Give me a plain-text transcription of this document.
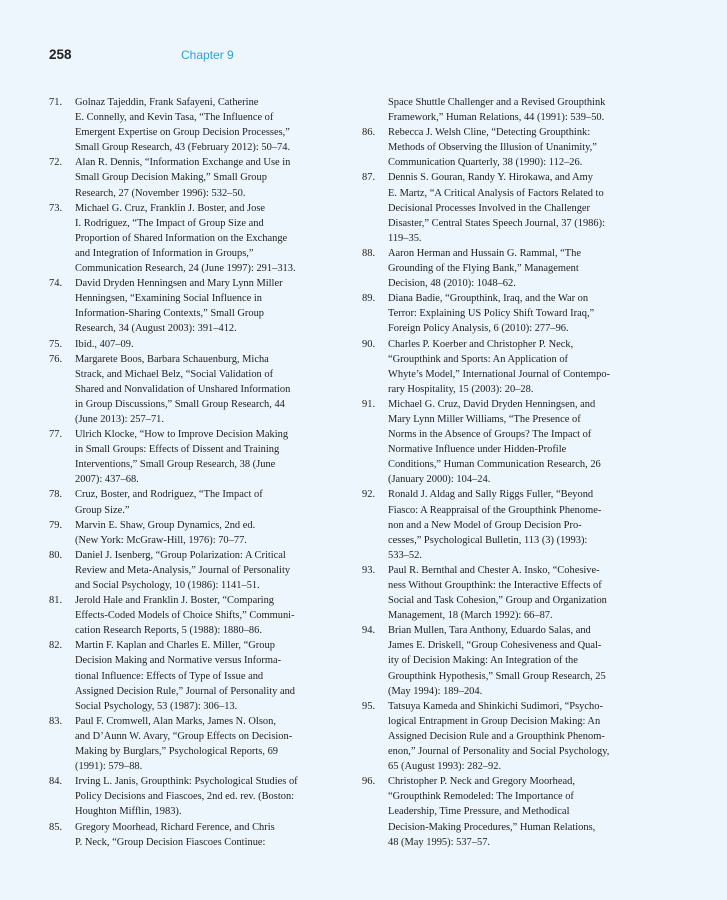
258	Chapter 9
71. Golnaz Tajeddin, Frank Safayeni, Catherine
E. Connelly, and Kevin Tasa, “The Influence of
Emergent Expertise on Group Decision Processes,”
Small Group Research, 43 (February 2012): 50–74.
72. Alan R. Dennis, “Information Exchange and Use in
Small Group Decision Making,” Small Group
Research, 27 (November 1996): 532–50.
73. Michael G. Cruz, Franklin J. Boster, and Jose
I. Rodriguez, “The Impact of Group Size and
Proportion of Shared Information on the Exchange
and Integration of Information in Groups,”
Communication Research, 24 (June 1997): 291–313.
74. David Dryden Henningsen and Mary Lynn Miller
Henningsen, “Examining Social Influence in
Information-Sharing Contexts,” Small Group
Research, 34 (August 2003): 391–412.
75. Ibid., 407–09.
76. Margarete Boos, Barbara Schauenburg, Micha
Strack, and Michael Belz, “Social Validation of
Shared and Nonvalidation of Unshared Information
in Group Discussions,” Small Group Research, 44
(June 2013): 257–71.
77. Ulrich Klocke, “How to Improve Decision Making
in Small Groups: Effects of Dissent and Training
Interventions,” Small Group Research, 38 (June
2007): 437–68.
78. Cruz, Boster, and Rodriguez, “The Impact of
Group Size.”
79. Marvin E. Shaw, Group Dynamics, 2nd ed.
(New York: McGraw-Hill, 1976): 70–77.
80. Daniel J. Isenberg, “Group Polarization: A Critical
Review and Meta-Analysis,” Journal of Personality
and Social Psychology, 10 (1986): 1141–51.
81. Jerold Hale and Franklin J. Boster, “Comparing
Effects-Coded Models of Choice Shifts,” Communi-
cation Research Reports, 5 (1988): 1880–86.
82. Martin F. Kaplan and Charles E. Miller, “Group
Decision Making and Normative versus Informa-
tional Influence: Effects of Type of Issue and
Assigned Decision Rule,” Journal of Personality and
Social Psychology, 53 (1987): 306–13.
83. Paul F. Cromwell, Alan Marks, James N. Olson,
and D’Aunn W. Avary, “Group Effects on Decision-
Making by Burglars,” Psychological Reports, 69
(1991): 579–88.
84. Irving L. Janis, Groupthink: Psychological Studies of
Policy Decisions and Fiascoes, 2nd ed. rev. (Boston:
Houghton Mifflin, 1983).
85. Gregory Moorhead, Richard Ference, and Chris
P. Neck, “Group Decision Fiascoes Continue:
Space Shuttle Challenger and a Revised Groupthink
Framework,” Human Relations, 44 (1991): 539–50.
86. Rebecca J. Welsh Cline, “Detecting Groupthink:
Methods of Observing the Illusion of Unanimity,”
Communication Quarterly, 38 (1990): 112–26.
87. Dennis S. Gouran, Randy Y. Hirokawa, and Amy
E. Martz, “A Critical Analysis of Factors Related to
Decisional Processes Involved in the Challenger
Disaster,” Central States Speech Journal, 37 (1986):
119–35.
88. Aaron Herman and Hussain G. Rammal, “The
Grounding of the Flying Bank,” Management
Decision, 48 (2010): 1048–62.
89. Diana Badie, “Groupthink, Iraq, and the War on
Terror: Explaining US Policy Shift Toward Iraq,”
Foreign Policy Analysis, 6 (2010): 277–96.
90. Charles P. Koerber and Christopher P. Neck,
“Groupthink and Sports: An Application of
Whyte’s Model,” International Journal of Contempo-
rary Hospitality, 15 (2003): 20–28.
91. Michael G. Cruz, David Dryden Henningsen, and
Mary Lynn Miller Williams, “The Presence of
Norms in the Absence of Groups? The Impact of
Normative Influence under Hidden-Profile
Conditions,” Human Communication Research, 26
(January 2000): 104–24.
92. Ronald J. Aldag and Sally Riggs Fuller, “Beyond
Fiasco: A Reappraisal of the Groupthink Phenome-
non and a New Model of Group Decision Pro-
cesses,” Psychological Bulletin, 113 (3) (1993):
533–52.
93. Paul R. Bernthal and Chester A. Insko, “Cohesive-
ness Without Groupthink: the Interactive Effects of
Social and Task Cohesion,” Group and Organization
Management, 18 (March 1992): 66–87.
94. Brian Mullen, Tara Anthony, Eduardo Salas, and
James E. Driskell, “Group Cohesiveness and Qual-
ity of Decision Making: An Integration of the
Groupthink Hypothesis,” Small Group Research, 25
(May 1994): 189–204.
95. Tatsuya Kameda and Shinkichi Sudimori, “Psycho-
logical Entrapment in Group Decision Making: An
Assigned Decision Rule and a Groupthink Phenom-
enon,” Journal of Personality and Social Psychology,
65 (August 1993): 282–92.
96. Christopher P. Neck and Gregory Moorhead,
“Groupthink Remodeled: The Importance of
Leadership, Time Pressure, and Methodical
Decision-Making Procedures,” Human Relations,
48 (May 1995): 537–57.
